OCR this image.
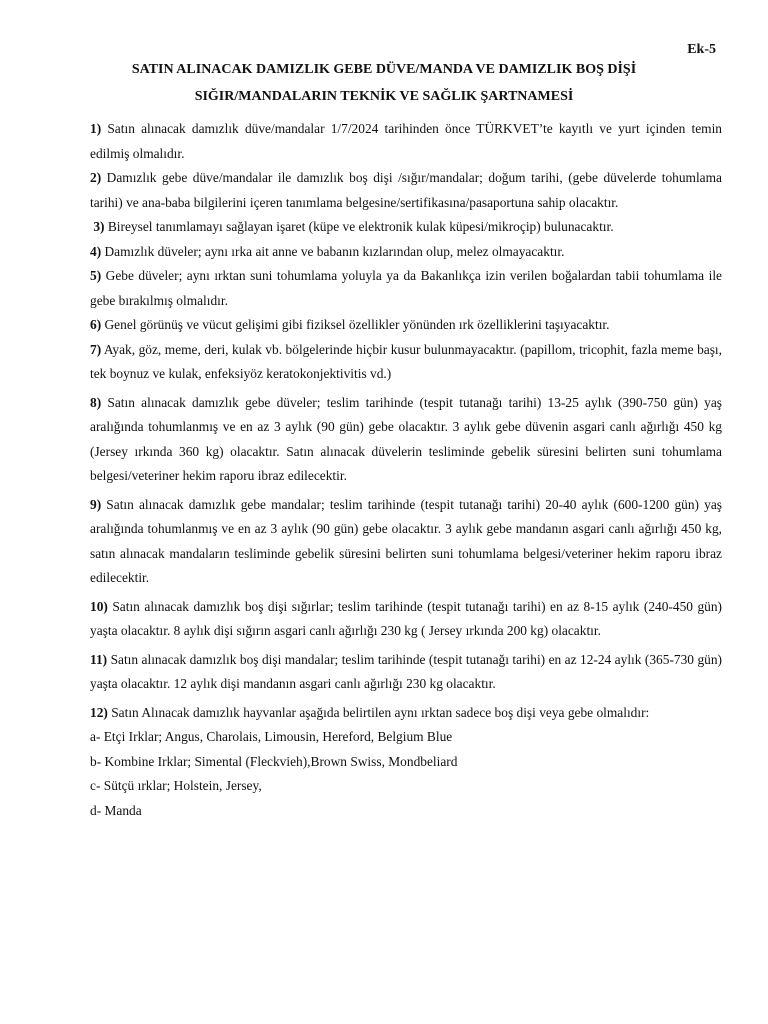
Ek-5
SATIN ALINACAK DAMIZLIK GEBE DÜVE/MANDA VE DAMIZLIK BOŞ DİŞİ
SIĞIR/MANDALARIN TEKNİK VE SAĞLIK ŞARTNAMESİ

1) Satın alınacak damızlık düve/mandalar 1/7/2024 tarihinden önce TÜRKVET’te kayıtlı ve yurt içinden temin edilmiş olmalıdır.

2) Damızlık gebe düve/mandalar ile damızlık boş dişi /sığır/mandalar; doğum tarihi, (gebe düvelerde tohumlama tarihi) ve ana-baba bilgilerini içeren tanımlama belgesine/sertifikasına/pasaportuna sahip olacaktır.

3) Bireysel tanımlamayı sağlayan işaret (küpe ve elektronik kulak küpesi/mikroçip) bulunacaktır.

4) Damızlık düveler; aynı ırka ait anne ve babanın kızlarından olup, melez olmayacaktır.

5) Gebe düveler; aynı ırktan suni tohumlama yoluyla ya da Bakanlıkça izin verilen boğalardan tabii tohumlama ile gebe bırakılmış olmalıdır.

6) Genel görünüş ve vücut gelişimi gibi fiziksel özellikler yönünden ırk özelliklerini taşıyacaktır.

7) Ayak, göz, meme, deri, kulak vb. bölgelerinde hiçbir kusur bulunmayacaktır. (papillom, tricophit, fazla meme başı, tek boynuz ve kulak, enfeksiyöz keratokonjektivitis vd.)

8) Satın alınacak damızlık gebe düveler; teslim tarihinde (tespit tutanağı tarihi) 13-25 aylık (390-750 gün) yaş aralığında tohumlanmış ve en az 3 aylık (90 gün) gebe olacaktır. 3 aylık gebe düvenin asgari canlı ağırlığı 450 kg (Jersey ırkında 360 kg) olacaktır. Satın alınacak düvelerin tesliminde gebelik süresini belirten suni tohumlama belgesi/veteriner hekim raporu ibraz edilecektir.

9) Satın alınacak damızlık gebe mandalar; teslim tarihinde (tespit tutanağı tarihi) 20-40 aylık (600-1200 gün) yaş aralığında tohumlanmış ve en az 3 aylık (90 gün) gebe olacaktır. 3 aylık gebe mandanın asgari canlı ağırlığı 450 kg, satın alınacak mandaların tesliminde gebelik süresini belirten suni tohumlama belgesi/veteriner hekim raporu ibraz edilecektir.

10) Satın alınacak damızlık boş dişi sığırlar; teslim tarihinde (tespit tutanağı tarihi) en az 8-15 aylık (240-450 gün) yaşta olacaktır. 8 aylık dişi sığırın asgari canlı ağırlığı 230 kg ( Jersey ırkında 200 kg) olacaktır.

11) Satın alınacak damızlık boş dişi mandalar; teslim tarihinde (tespit tutanağı tarihi) en az 12-24 aylık (365-730 gün) yaşta olacaktır. 12 aylık dişi mandanın asgari canlı ağırlığı 230 kg olacaktır.

12) Satın Alınacak damızlık hayvanlar aşağıda belirtilen aynı ırktan sadece boş dişi veya gebe olmalıdır:

a- Etçi Irklar; Angus, Charolais, Limousin, Hereford, Belgium Blue

b- Kombine Irklar; Simental (Fleckvieh),Brown Swiss, Mondbeliard

c- Sütçü ırklar; Holstein, Jersey,

d- Manda
